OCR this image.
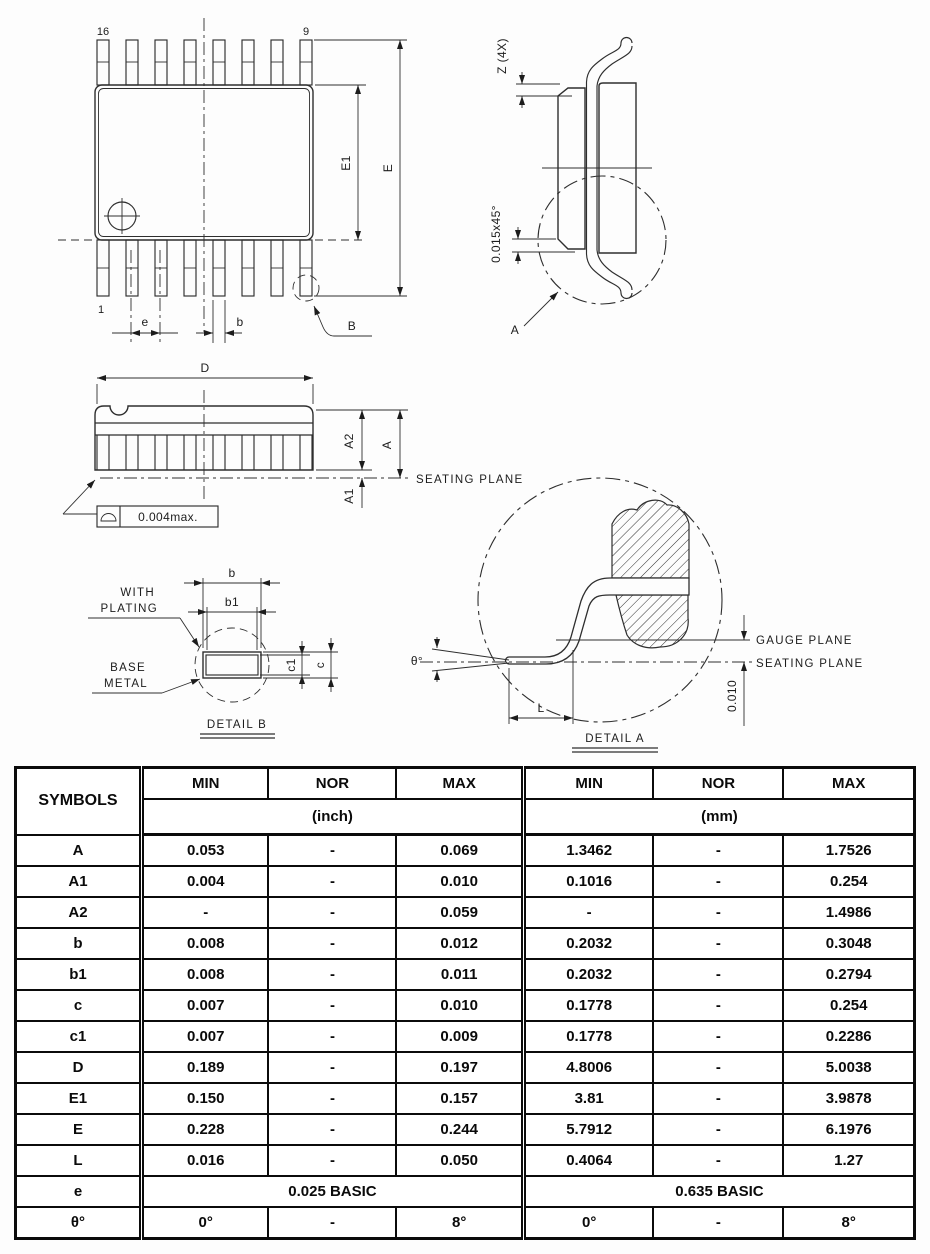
16	9
1
E1 E
e	b	B
Z (4X)
0.015x45°
A
D
SEATING PLANE
A2 A
A1
0.004max.
b
b1
c1 c
WITH
PLATING
BASE
METAL
DETAIL B
GAUGE PLANE
SEATING PLANE
0.010
θ°
L
DETAIL A
SYMBOLS	MIN	NOR	MAX	MIN	NOR	MAX
	(inch)			(mm)		
A	0.053	-	0.069	1.3462	-	1.7526
A1	0.004	-	0.010	0.1016	-	0.254
A2	-	-	0.059	-	-	1.4986
b	0.008	-	0.012	0.2032	-	0.3048
b1	0.008	-	0.011	0.2032	-	0.2794
c	0.007	-	0.010	0.1778	-	0.254
c1	0.007	-	0.009	0.1778	-	0.2286
D	0.189	-	0.197	4.8006	-	5.0038
E1	0.150	-	0.157	3.81	-	3.9878
E	0.228	-	0.244	5.7912	-	6.1976
L	0.016	-	0.050	0.4064	-	1.27
e	0.025 BASIC			0.635 BASIC		
θ°	0°	-	8°	0°	-	8°
